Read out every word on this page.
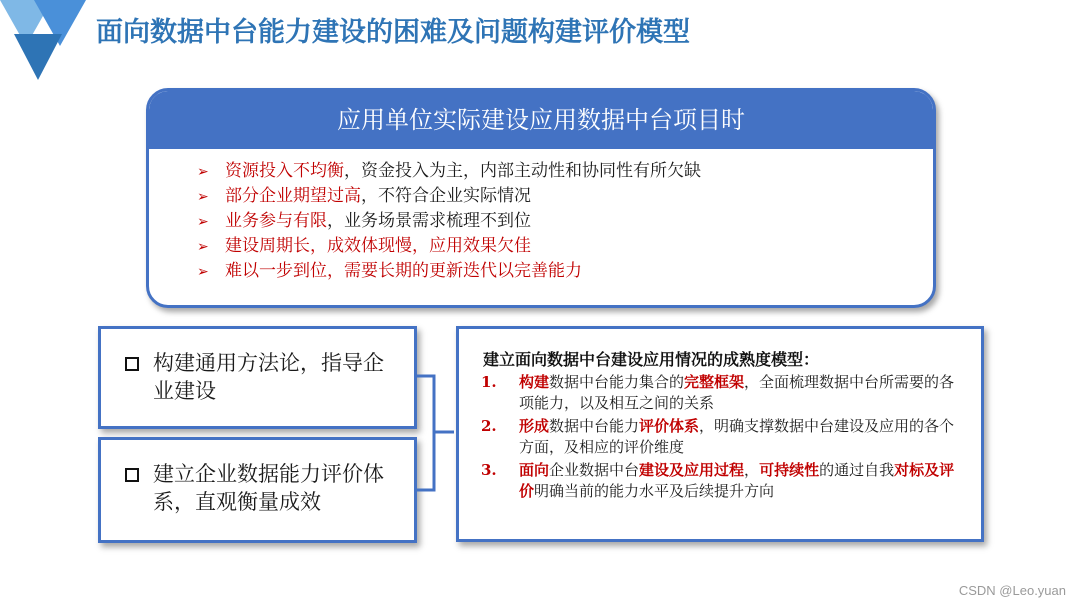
面向数据中台能力建设的困难及问题构建评价模型
应用单位实际建设应用数据中台项目时
➢ 资源投入不均衡，资金投入为主，内部主动性和协同性有所欠缺
➢ 部分企业期望过高，不符合企业实际情况
➢ 业务参与有限，业务场景需求梳理不到位
➢ 建设周期长，成效体现慢，应用效果欠佳
➢ 难以一步到位，需要长期的更新迭代以完善能力
构建通用方法论，指导企业建设
建立企业数据能力评价体系，直观衡量成效
建立面向数据中台建设应用情况的成熟度模型：
1.	构建数据中台能力集合的完整框架，全面梳理数据中台所需要的各项能力，以及相互之间的关系
2.	形成数据中台能力评价体系，明确支撑数据中台建设及应用的各个方面，及相应的评价维度
3.	面向企业数据中台建设及应用过程，可持续性的通过自我对标及评价明确当前的能力水平及后续提升方向
CSDN @Leo.yuan
